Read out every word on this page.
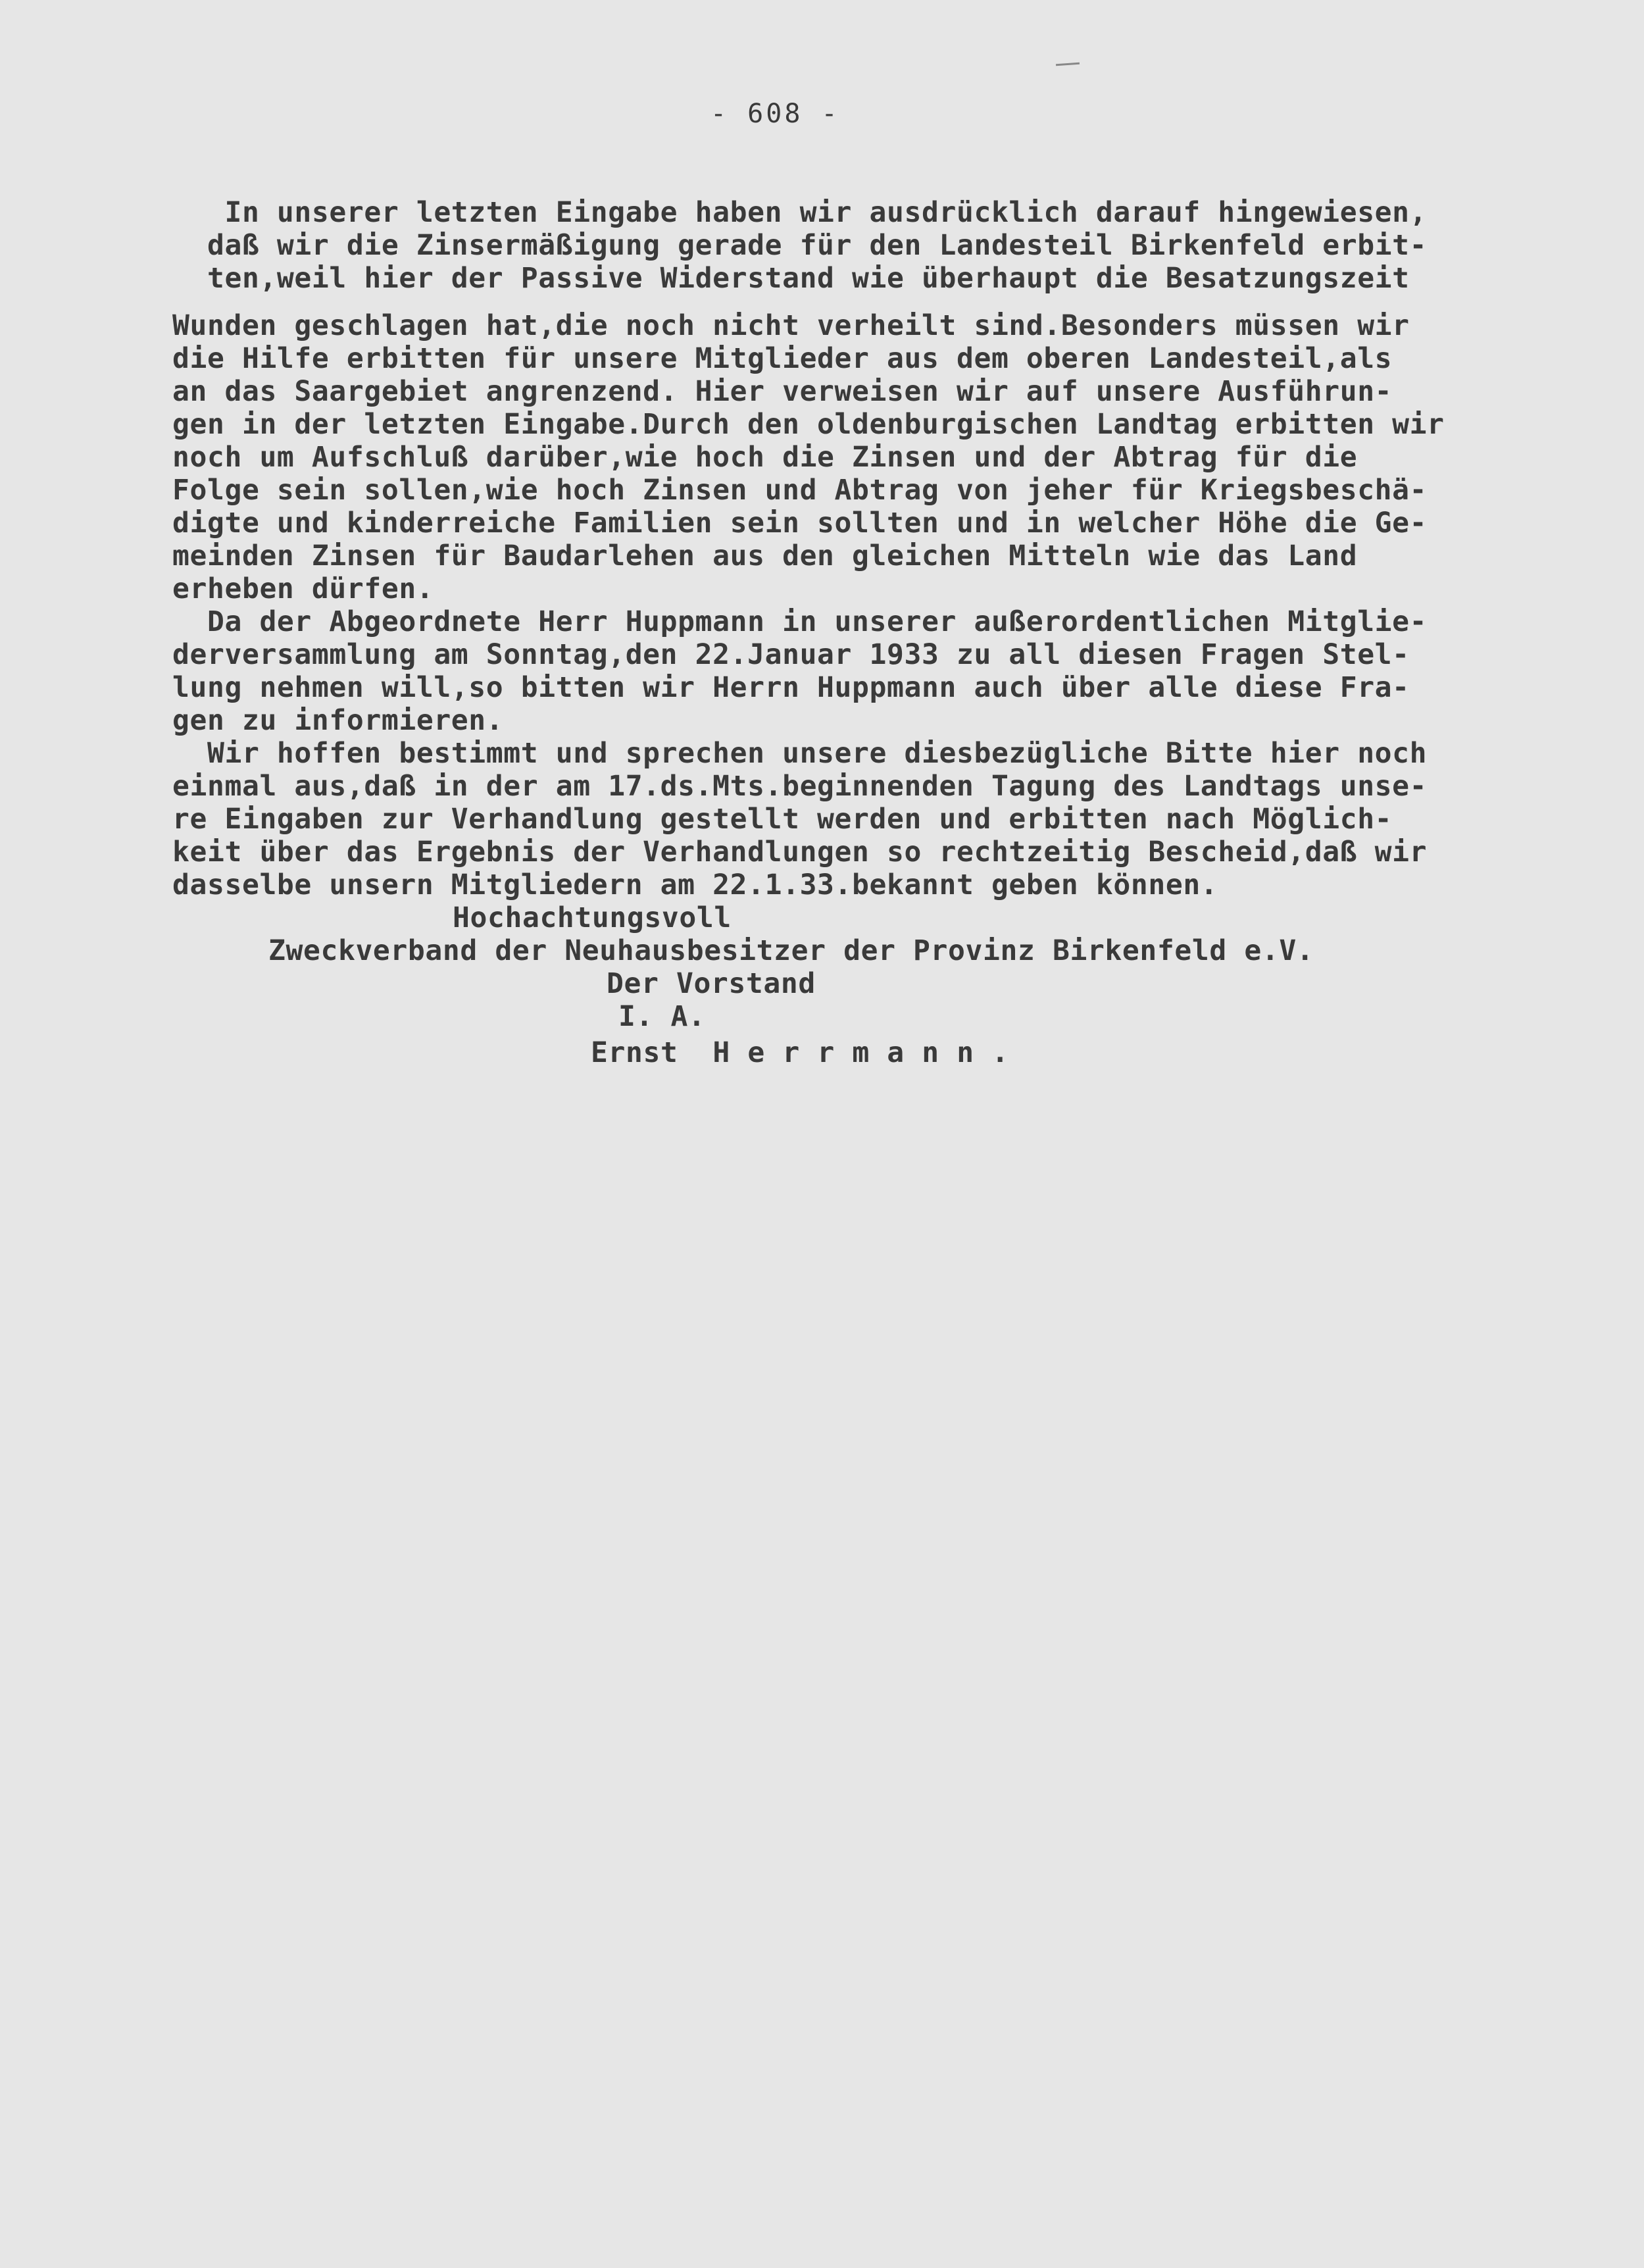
- 608 -
In unserer letzten Eingabe haben wir ausdrücklich darauf hingewiesen,
daß wir die Zinsermäßigung gerade für den Landesteil Birkenfeld erbit-
ten,weil hier der Passive Widerstand wie überhaupt die Besatzungszeit
Wunden geschlagen hat,die noch nicht verheilt sind.Besonders müssen wir
die Hilfe erbitten für unsere Mitglieder aus dem oberen Landesteil,als
an das Saargebiet angrenzend. Hier verweisen wir auf unsere Ausführun-
gen in der letzten Eingabe.Durch den oldenburgischen Landtag erbitten wir
noch um Aufschluß darüber,wie hoch die Zinsen und der Abtrag für die
Folge sein sollen,wie hoch Zinsen und Abtrag von jeher für Kriegsbeschä-
digte und kinderreiche Familien sein sollten und in welcher Höhe die Ge-
meinden Zinsen für Baudarlehen aus den gleichen Mitteln wie das Land
erheben dürfen.
Da der Abgeordnete Herr Huppmann in unserer außerordentlichen Mitglie-
derversammlung am Sonntag,den 22.Januar 1933 zu all diesen Fragen Stel-
lung nehmen will,so bitten wir Herrn Huppmann auch über alle diese Fra-
gen zu informieren.
Wir hoffen bestimmt und sprechen unsere diesbezügliche Bitte hier noch
einmal aus,daß in der am 17.ds.Mts.beginnenden Tagung des Landtags unse-
re Eingaben zur Verhandlung gestellt werden und erbitten nach Möglich-
keit über das Ergebnis der Verhandlungen so rechtzeitig Bescheid,daß wir
dasselbe unsern Mitgliedern am 22.1.33.bekannt geben können.
Hochachtungsvoll
Zweckverband der Neuhausbesitzer der Provinz Birkenfeld e.V.
Der Vorstand
I. A.
Ernst  H e r r m a n n .
